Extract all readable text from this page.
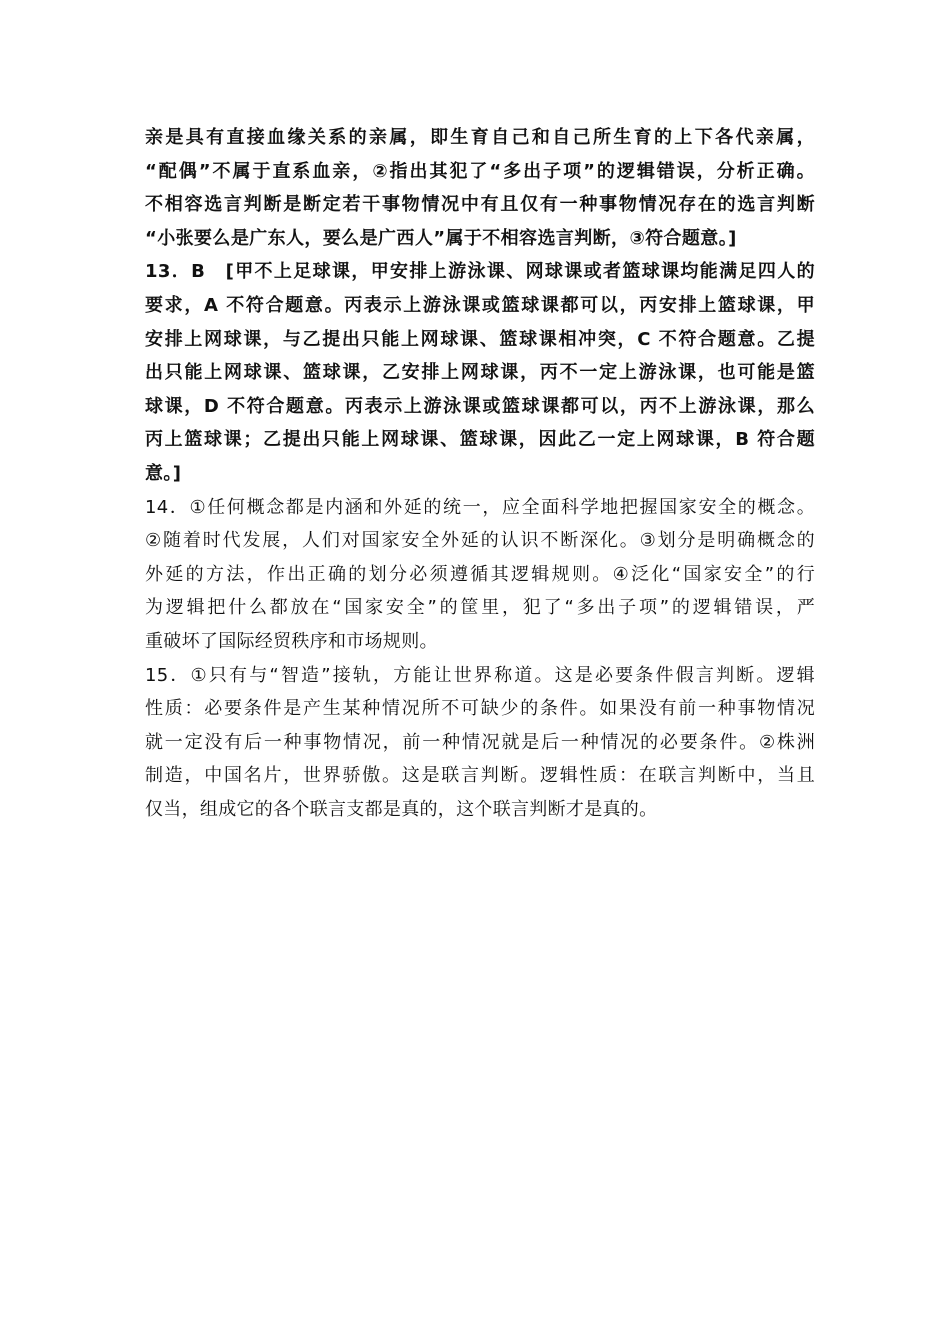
亲是具有直接血缘关系的亲属，即生育自己和自己所生育的上下各代亲属，
“配偶”不属于直系血亲，②指出其犯了“多出子项”的逻辑错误，分析正确。
不相容选言判断是断定若干事物情况中有且仅有一种事物情况存在的选言判断
“小张要么是广东人，要么是广西人”属于不相容选言判断，③符合题意。]
13．B　[甲不上足球课，甲安排上游泳课、网球课或者篮球课均能满足四人的
要求，A 不符合题意。丙表示上游泳课或篮球课都可以，丙安排上篮球课，甲
安排上网球课，与乙提出只能上网球课、篮球课相冲突，C 不符合题意。乙提
出只能上网球课、篮球课，乙安排上网球课，丙不一定上游泳课，也可能是篮
球课，D 不符合题意。丙表示上游泳课或篮球课都可以，丙不上游泳课，那么
丙上篮球课；乙提出只能上网球课、篮球课，因此乙一定上网球课，B 符合题
意。]
14．①任何概念都是内涵和外延的统一，应全面科学地把握国家安全的概念。
②随着时代发展，人们对国家安全外延的认识不断深化。③划分是明确概念的
外延的方法，作出正确的划分必须遵循其逻辑规则。④泛化“国家安全”的行
为逻辑把什么都放在“国家安全”的筐里，犯了“多出子项”的逻辑错误，严
重破坏了国际经贸秩序和市场规则。
15．①只有与“智造”接轨，方能让世界称道。这是必要条件假言判断。逻辑
性质：必要条件是产生某种情况所不可缺少的条件。如果没有前一种事物情况
就一定没有后一种事物情况，前一种情况就是后一种情况的必要条件。②株洲
制造，中国名片，世界骄傲。这是联言判断。逻辑性质：在联言判断中，当且
仅当，组成它的各个联言支都是真的，这个联言判断才是真的。
